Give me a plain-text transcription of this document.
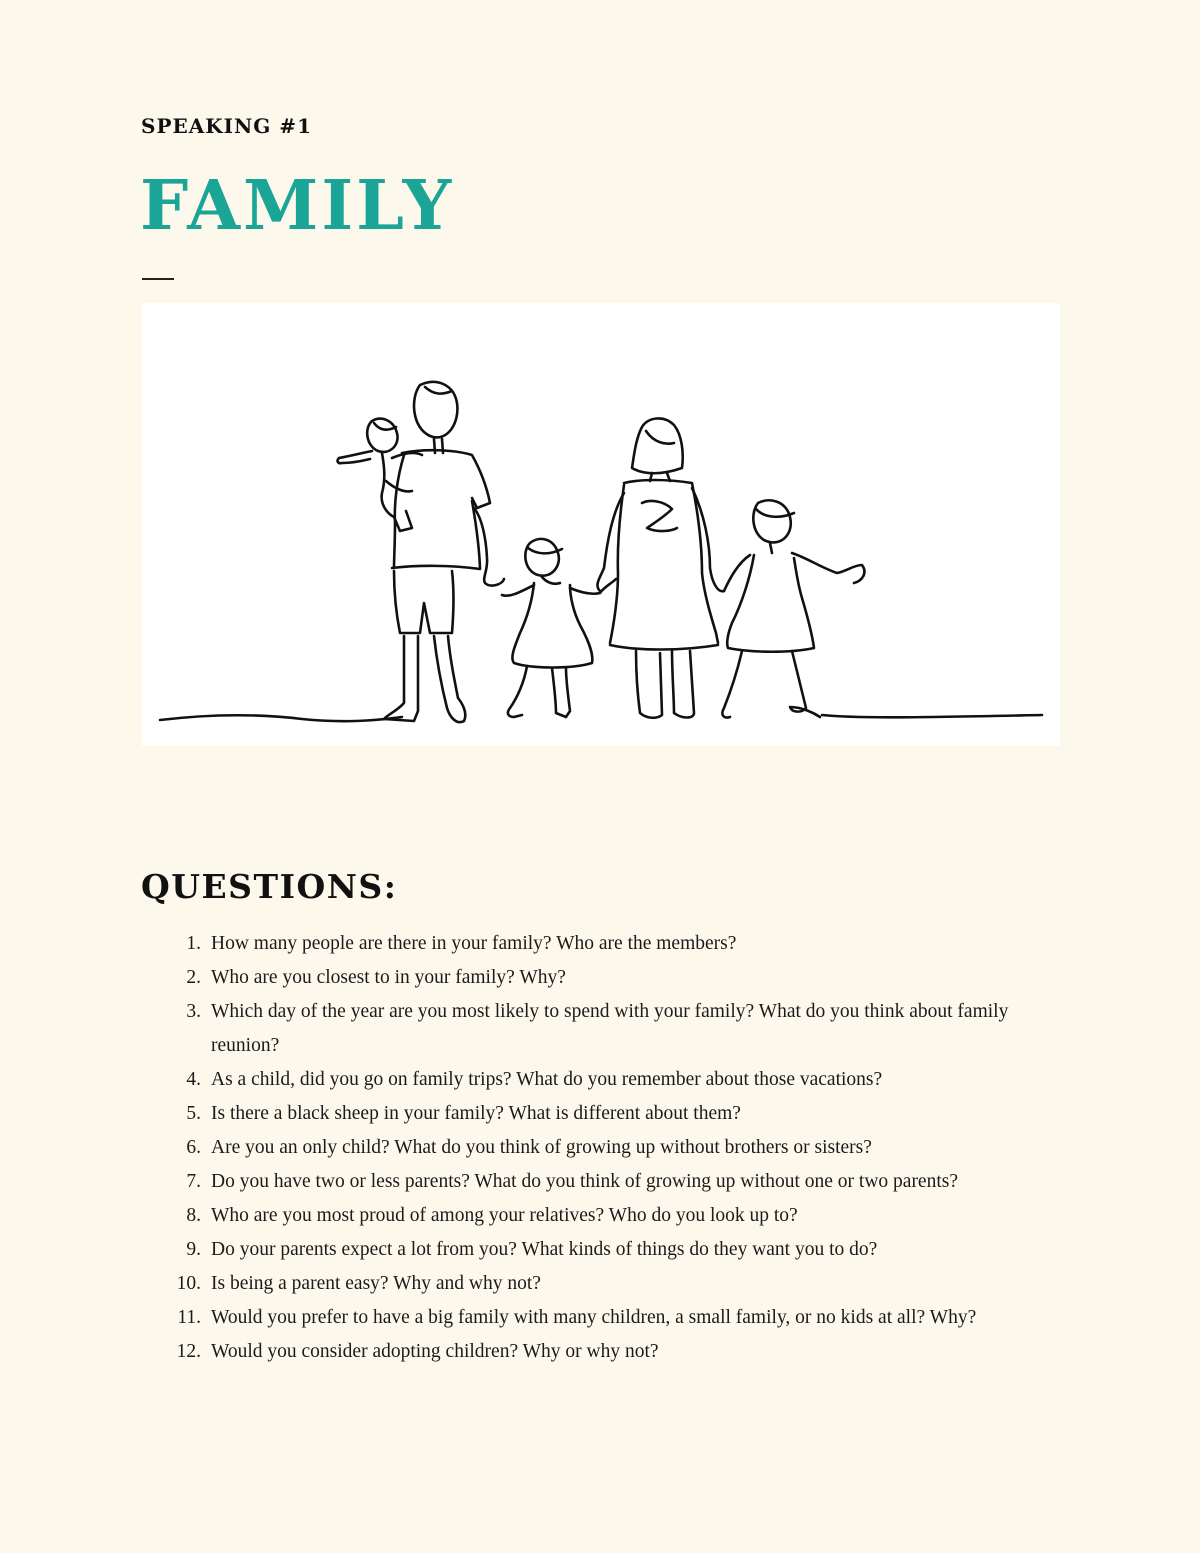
SPEAKING #1
FAMILY
QUESTIONS:
1 . How many people are there in your family? Who are the members?
2 . Who are you closest to in your family? Why?
3 . Which day of the year are you most likely to spend with your family? What do you think about family reunion?
4 . As a child, did you go on family trips? What do you remember about those vacations?
5 . Is there a black sheep in your family? What is different about them?
6 . Are you an only child? What do you think of growing up without brothers or sisters?
7 . Do you have two or less parents? What do you think of growing up without one or two parents?
8 . Who are you most proud of among your relatives? Who do you look up to?
9 . Do your parents expect a lot from you? What kinds of things do they want you to do?
10 . Is being a parent easy? Why and why not?
11 . Would you prefer to have a big family with many children, a small family, or no kids at all? Why?
12 . Would you consider adopting children? Why or why not?
